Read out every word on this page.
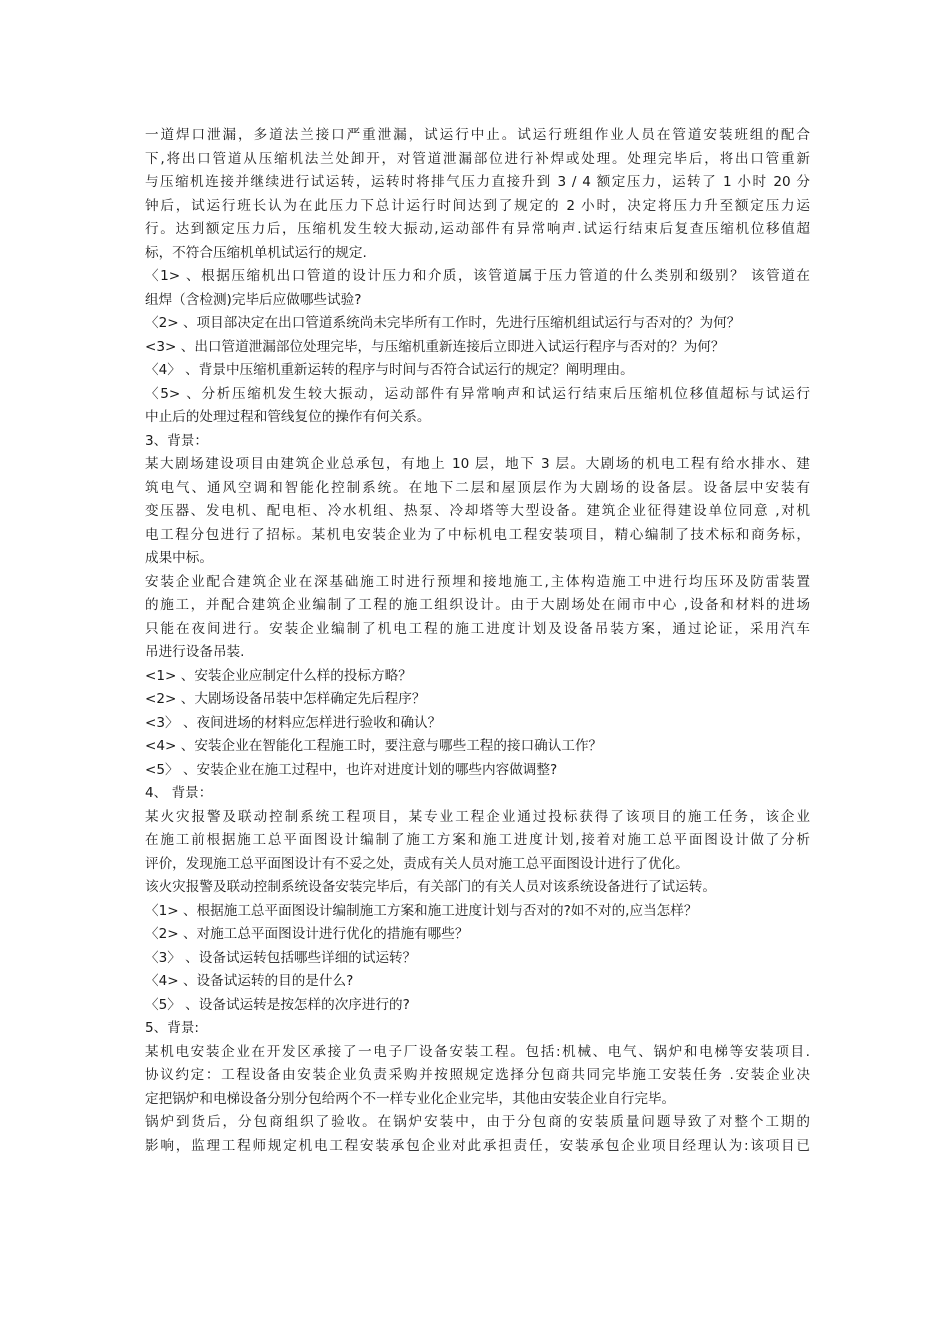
一道焊口泄漏，多道法兰接口严重泄漏，试运行中止。试运行班组作业人员在管道安装班组的配合
下,将出口管道从压缩机法兰处卸开，对管道泄漏部位进行补焊或处理。处理完毕后，将出口管重新
与压缩机连接并继续进行试运转，运转时将排气压力直接升到 3 / 4 额定压力，运转了 1 小时 20 分
钟后，试运行班长认为在此压力下总计运行时间达到了规定的 2 小时，决定将压力升至额定压力运
行。达到额定压力后，压缩机发生较大振动,运动部件有异常响声.试运行结束后复查压缩机位移值超
标，不符合压缩机单机试运行的规定.
〈1> 、根据压缩机出口管道的设计压力和介质，该管道属于压力管道的什么类别和级别？ 该管道在
组焊（含检测)完毕后应做哪些试验?
〈2> 、项目部决定在出口管道系统尚未完毕所有工作时，先进行压缩机组试运行与否对的？为何？
<3> 、出口管道泄漏部位处理完毕，与压缩机重新连接后立即进入试运行程序与否对的？为何？
〈4〉 、背景中压缩机重新运转的程序与时间与否符合试运行的规定？阐明理由。
〈5> 、分析压缩机发生较大振动，运动部件有异常响声和试运行结束后压缩机位移值超标与试运行
中止后的处理过程和管线复位的操作有何关系。
3、背景：
某大剧场建设项目由建筑企业总承包，有地上 10 层，地下 3 层。大剧场的机电工程有给水排水、建
筑电气、通风空调和智能化控制系统。在地下二层和屋顶层作为大剧场的设备层。设备层中安装有
变压器、发电机、配电柜、冷水机组、热泵、冷却塔等大型设备。建筑企业征得建设单位同意 ,对机
电工程分包进行了招标。某机电安装企业为了中标机电工程安装项目，精心编制了技术标和商务标，
成果中标。
安装企业配合建筑企业在深基础施工时进行预埋和接地施工,主体构造施工中进行均压环及防雷装置
的施工，并配合建筑企业编制了工程的施工组织设计。由于大剧场处在闹市中心 ,设备和材料的进场
只能在夜间进行。安装企业编制了机电工程的施工进度计划及设备吊装方案，通过论证，采用汽车
吊进行设备吊装.
<1> 、安装企业应制定什么样的投标方略？
<2> 、大剧场设备吊装中怎样确定先后程序？
<3〉 、夜间进场的材料应怎样进行验收和确认？
<4> 、安装企业在智能化工程施工时，要注意与哪些工程的接口确认工作？
<5〉 、安装企业在施工过程中，也许对进度计划的哪些内容做调整?
4、 背景：
某火灾报警及联动控制系统工程项目，某专业工程企业通过投标获得了该项目的施工任务，该企业
在施工前根据施工总平面图设计编制了施工方案和施工进度计划,接着对施工总平面图设计做了分析
评价，发现施工总平面图设计有不妥之处，责成有关人员对施工总平面图设计进行了优化。
该火灾报警及联动控制系统设备安装完毕后，有关部门的有关人员对该系统设备进行了试运转。
〈1> 、根据施工总平面图设计编制施工方案和施工进度计划与否对的?如不对的,应当怎样？
〈2> 、对施工总平面图设计进行优化的措施有哪些？
〈3〉 、设备试运转包括哪些详细的试运转？
〈4> 、设备试运转的目的是什么?
〈5〉 、设备试运转是按怎样的次序进行的?
5、背景:
某机电安装企业在开发区承接了一电子厂设备安装工程。包括:机械、电气、锅炉和电梯等安装项目.
协议约定：工程设备由安装企业负责采购并按照规定选择分包商共同完毕施工安装任务 .安装企业决
定把锅炉和电梯设备分别分包给两个不一样专业化企业完毕，其他由安装企业自行完毕。
锅炉到货后，分包商组织了验收。在锅炉安装中，由于分包商的安装质量问题导致了对整个工期的
影响，监理工程师规定机电工程安装承包企业对此承担责任，安装承包企业项目经理认为:该项目已
